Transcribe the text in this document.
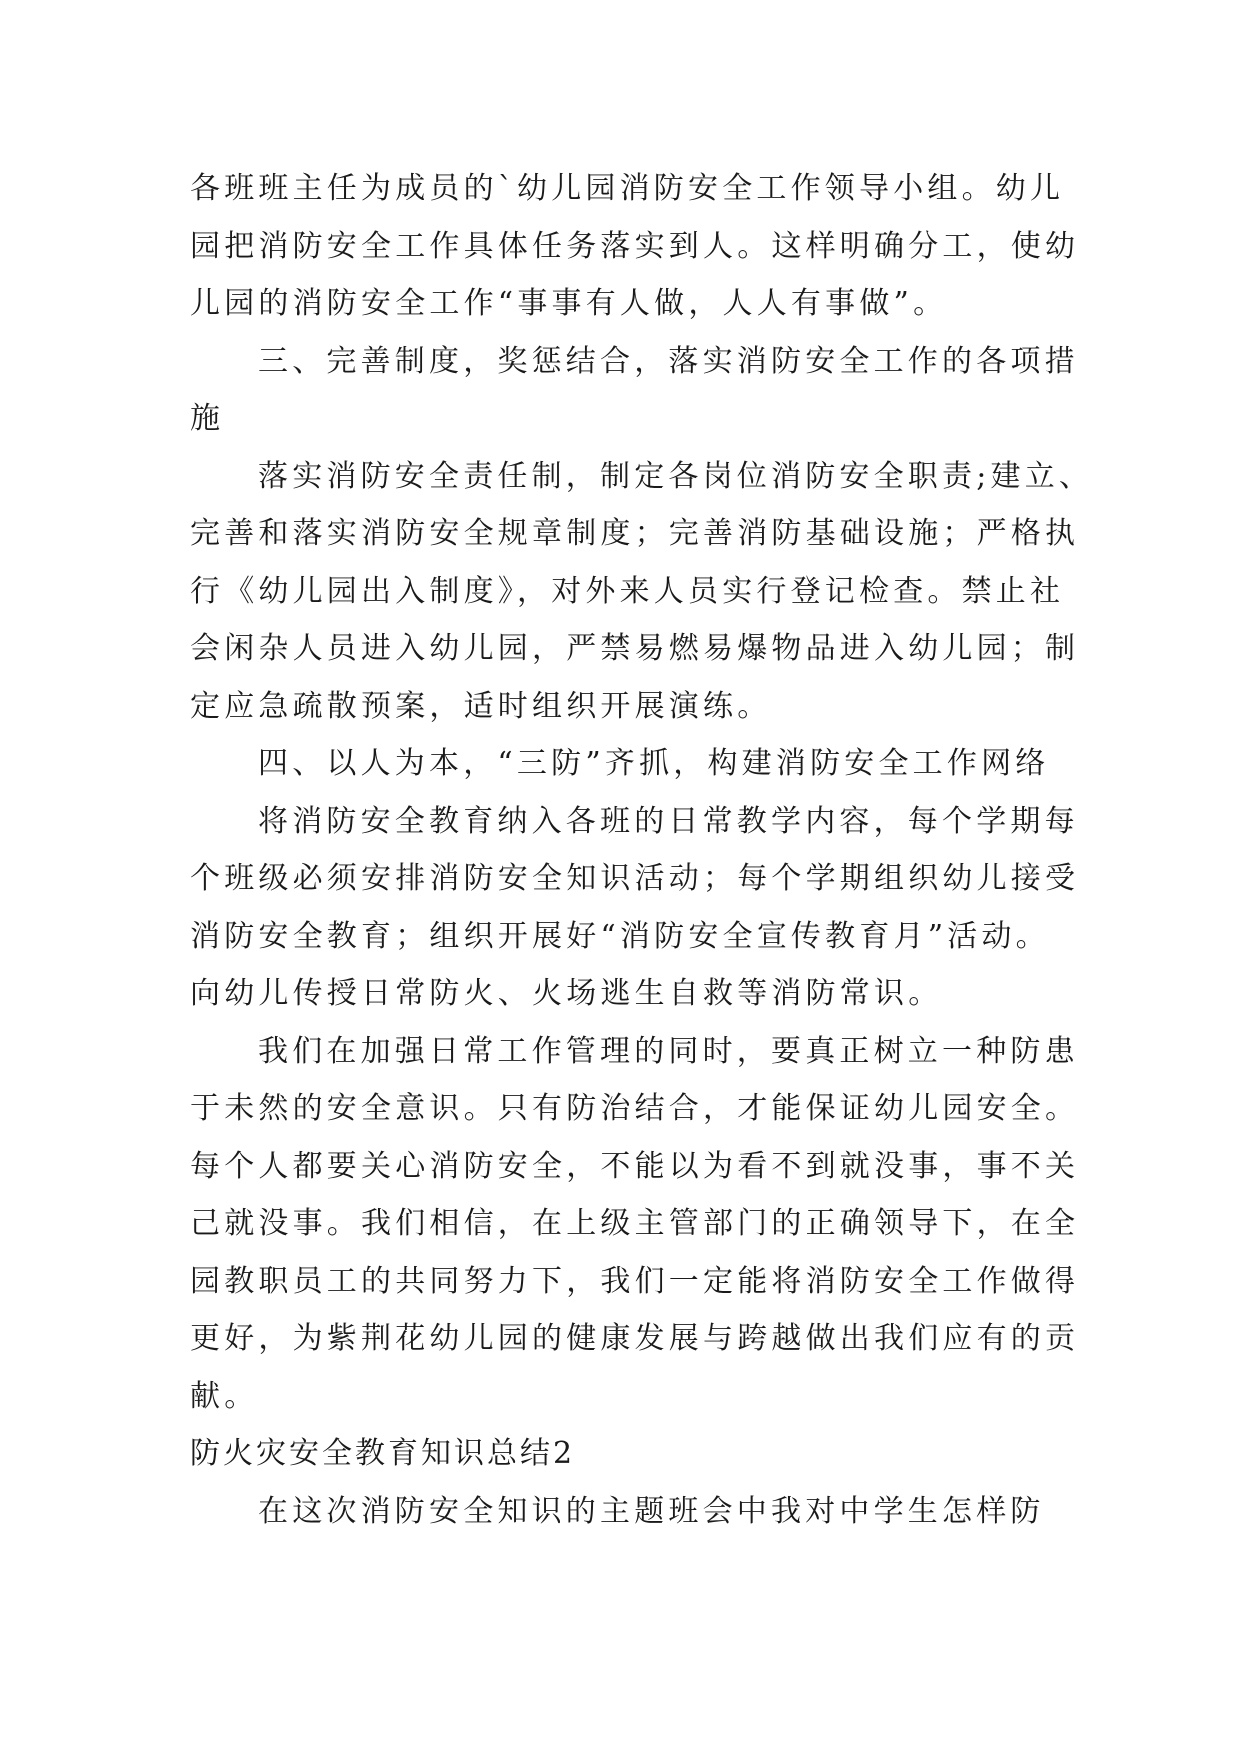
各班班主任为成员的`幼儿园消防安全工作领导小组。幼儿
园把消防安全工作具体任务落实到人。这样明确分工，使幼
儿园的消防安全工作“事事有人做，人人有事做”。
三、完善制度，奖惩结合，落实消防安全工作的各项措
施
落实消防安全责任制，制定各岗位消防安全职责;建立、
完善和落实消防安全规章制度；完善消防基础设施；严格执
行《幼儿园出入制度》，对外来人员实行登记检查。禁止社
会闲杂人员进入幼儿园，严禁易燃易爆物品进入幼儿园；制
定应急疏散预案，适时组织开展演练。
四、以人为本，“三防”齐抓，构建消防安全工作网络
将消防安全教育纳入各班的日常教学内容，每个学期每
个班级必须安排消防安全知识活动；每个学期组织幼儿接受
消防安全教育；组织开展好“消防安全宣传教育月”活动。
向幼儿传授日常防火、火场逃生自救等消防常识。
我们在加强日常工作管理的同时，要真正树立一种防患
于未然的安全意识。只有防治结合，才能保证幼儿园安全。
每个人都要关心消防安全，不能以为看不到就没事，事不关
己就没事。我们相信，在上级主管部门的正确领导下，在全
园教职员工的共同努力下，我们一定能将消防安全工作做得
更好，为紫荆花幼儿园的健康发展与跨越做出我们应有的贡
献。
防火灾安全教育知识总结2
在这次消防安全知识的主题班会中我对中学生怎样防
